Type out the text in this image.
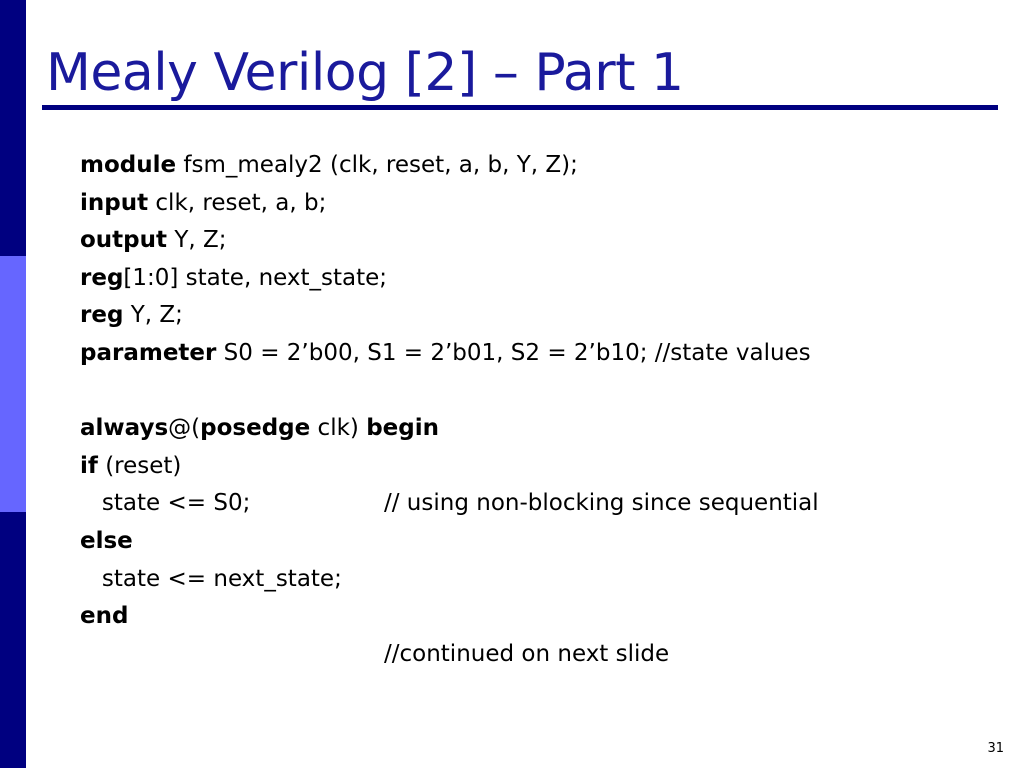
Mealy Verilog [2] – Part 1
module fsm_mealy2 (clk, reset, a, b, Y, Z);
input clk, reset, a, b;
output Y, Z;
reg[1:0] state, next_state;
reg Y, Z;
parameter S0 = 2’b00, S1 = 2’b01, S2 = 2’b10; //state values
always@(posedge clk) begin
if (reset)
state <= S0;	// using non-blocking since sequential
else
state <= next_state;
end
//continued on next slide
31
